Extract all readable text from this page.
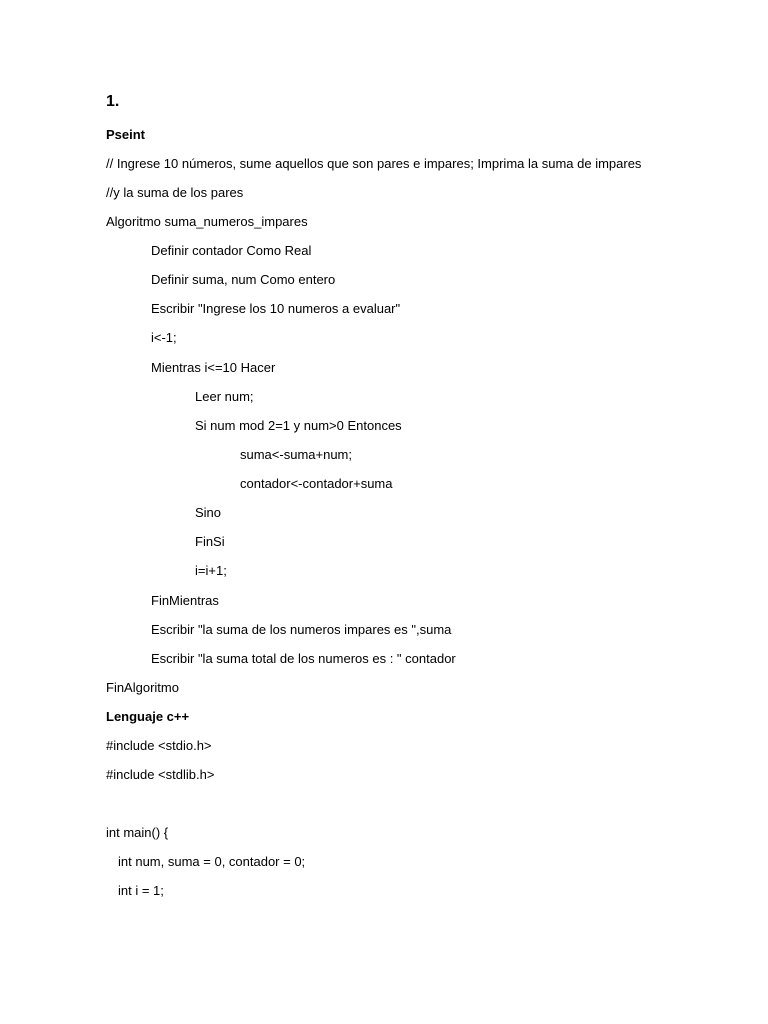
1.
Pseint
// Ingrese 10 números, sume aquellos que son pares e impares; Imprima la suma de impares
//y la suma de los pares
Algoritmo suma_numeros_impares
Definir contador Como Real
Definir suma, num Como entero
Escribir "Ingrese los 10 numeros a evaluar"
i<-1;
Mientras i<=10 Hacer
Leer num;
Si num mod 2=1 y num>0 Entonces
suma<-suma+num;
contador<-contador+suma
Sino
FinSi
i=i+1;
FinMientras
Escribir "la suma de los numeros impares es ",suma
Escribir "la suma total de los numeros es : " contador
FinAlgoritmo
Lenguaje c++
#include <stdio.h>
#include <stdlib.h>
int main() {
int num, suma = 0, contador = 0;
int i = 1;
